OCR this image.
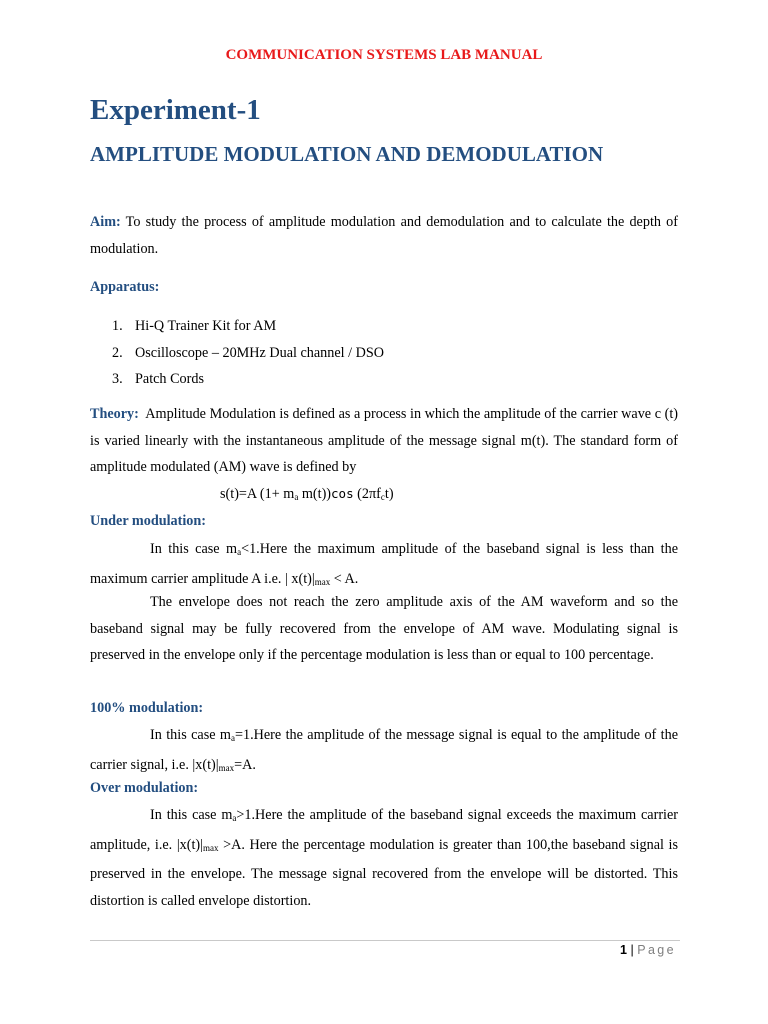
COMMUNICATION SYSTEMS LAB MANUAL
Experiment-1
AMPLITUDE MODULATION AND DEMODULATION
Aim: To study the process of amplitude modulation and demodulation and to calculate the depth of modulation.
Apparatus:
1. Hi-Q Trainer Kit for AM
2. Oscilloscope – 20MHz Dual channel / DSO
3. Patch Cords
Theory: Amplitude Modulation is defined as a process in which the amplitude of the carrier wave c (t) is varied linearly with the instantaneous amplitude of the message signal m(t). The standard form of amplitude modulated (AM) wave is defined by
s(t)=A ($1+ m_a$ m(t))cos $(2\pi f_ct)$
Under modulation:
In this case $m_a<1.Here$ the maximum amplitude of the baseband signal is less than the maximum carrier amplitude A i.e. | $x(t)|_{max} < A$.
The envelope does not reach the zero amplitude axis of the AM waveform and so the baseband signal may be fully recovered from the envelope of AM wave. Modulating signal is preserved in the envelope only if the percentage modulation is less than or equal to 100 percentage.
100% modulation:
In this case $m_a=1.Here$ the amplitude of the message signal is equal to the amplitude of the carrier signal, i.e. $|x(t)|_{max}=A$.
Over modulation:
In this case $m_a>1.Here$ the amplitude of the baseband signal exceeds the maximum carrier amplitude, i.e. $|x(t)|_{max} >A$. Here the percentage modulation is greater than 100,the baseband signal is preserved in the envelope. The message signal recovered from the envelope will be distorted. This distortion is called envelope distortion.
1 | Page
